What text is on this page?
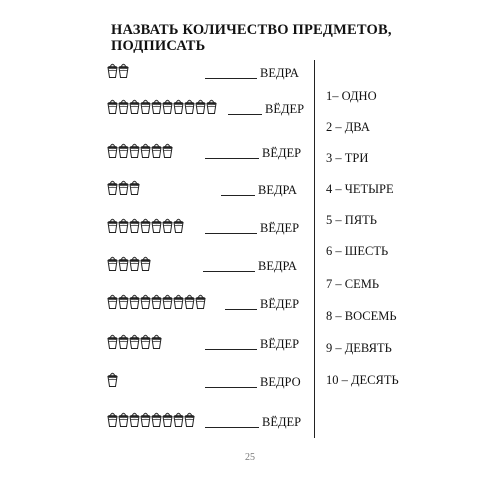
НАЗВАТЬ КОЛИЧЕСТВО ПРЕДМЕТОВ,
ПОДПИСАТЬ
ВЕДРА
ВЁДЕР
ВЁДЕР
ВЕДРА
ВЁДЕР
ВЕДРА
ВЁДЕР
ВЁДЕР
ВЕДРО
ВЁДЕР
1– ОДНО
2 – ДВА
3 – ТРИ
4 – ЧЕТЫРЕ
5 – ПЯТЬ
6 – ШЕСТЬ
7 – СЕМЬ
8 – ВОСЕМЬ
9 – ДЕВЯТЬ
10 – ДЕСЯТЬ
25
